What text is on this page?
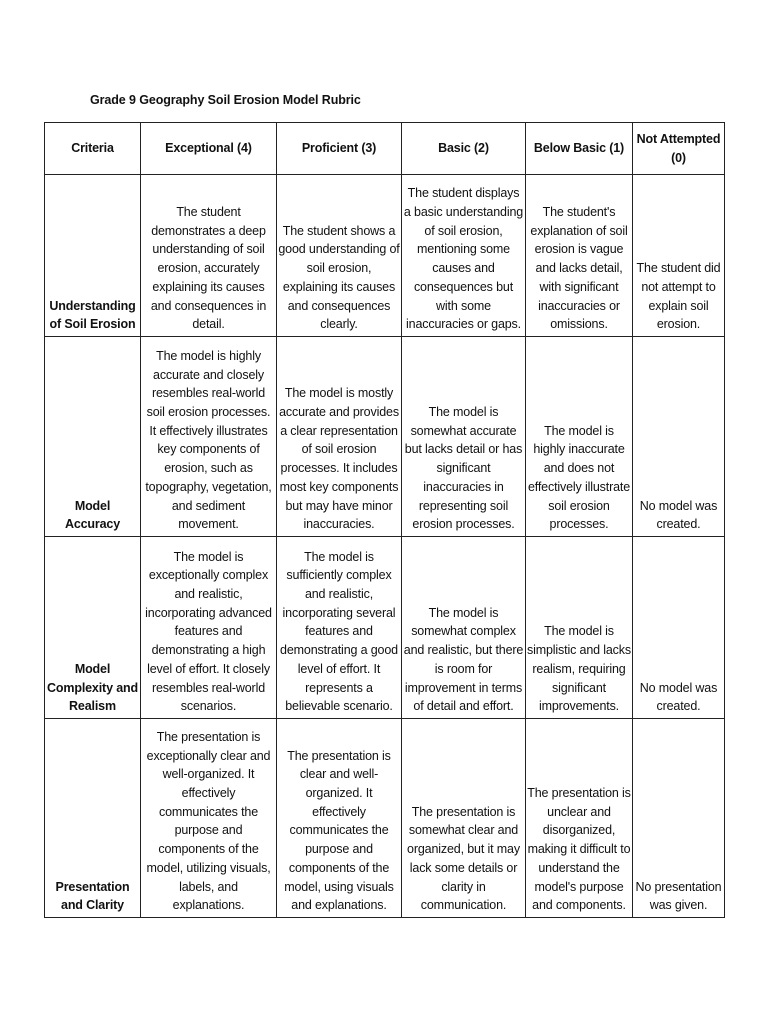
Grade 9 Geography Soil Erosion Model Rubric
Criteria	Exceptional (4)	Proficient (3)	Basic (2)	Below Basic (1)	Not Attempted (0)
Understanding of Soil Erosion	The student demonstrates a deep understanding of soil erosion, accurately explaining its causes and consequences in detail.	The student shows a good understanding of soil erosion, explaining its causes and consequences clearly.	The student displays a basic understanding of soil erosion, mentioning some causes and consequences but with some inaccuracies or gaps.	The student's explanation of soil erosion is vague and lacks detail, with significant inaccuracies or omissions.	The student did not attempt to explain soil erosion.
Model Accuracy	The model is highly accurate and closely resembles real-world soil erosion processes. It effectively illustrates key components of erosion, such as topography, vegetation, and sediment movement.	The model is mostly accurate and provides a clear representation of soil erosion processes. It includes most key components but may have minor inaccuracies.	The model is somewhat accurate but lacks detail or has significant inaccuracies in representing soil erosion processes.	The model is highly inaccurate and does not effectively illustrate soil erosion processes.	No model was created.
Model Complexity and Realism	The model is exceptionally complex and realistic, incorporating advanced features and demonstrating a high level of effort. It closely resembles real-world scenarios.	The model is sufficiently complex and realistic, incorporating several features and demonstrating a good level of effort. It represents a believable scenario.	The model is somewhat complex and realistic, but there is room for improvement in terms of detail and effort.	The model is simplistic and lacks realism, requiring significant improvements.	No model was created.
Presentation and Clarity	The presentation is exceptionally clear and well-organized. It effectively communicates the purpose and components of the model, utilizing visuals, labels, and explanations.	The presentation is clear and well-organized. It effectively communicates the purpose and components of the model, using visuals and explanations.	The presentation is somewhat clear and organized, but it may lack some details or clarity in communication.	The presentation is unclear and disorganized, making it difficult to understand the model's purpose and components.	No presentation was given.
